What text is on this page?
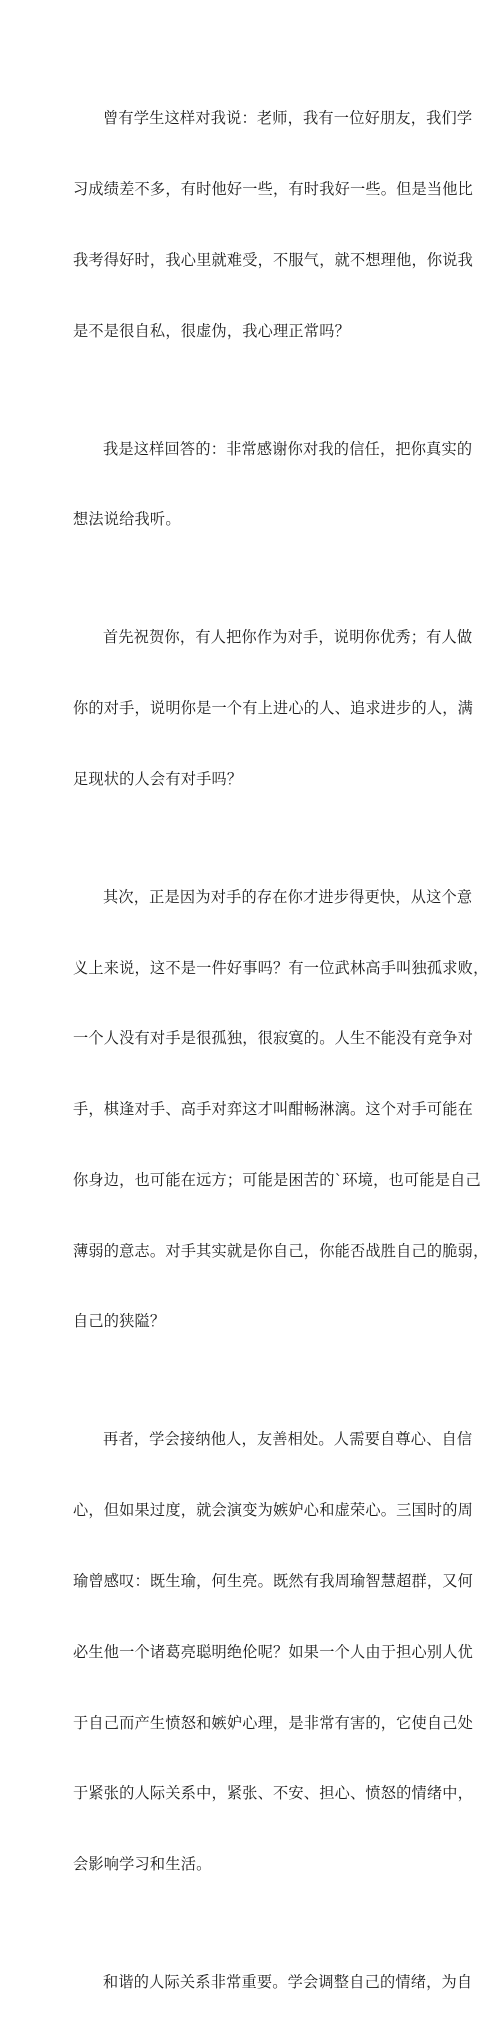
曾有学生这样对我说：老师，我有一位好朋友，我们学

习成绩差不多，有时他好一些，有时我好一些。但是当他比

我考得好时，我心里就难受，不服气，就不想理他，你说我

是不是很自私，很虚伪，我心理正常吗？

我是这样回答的：非常感谢你对我的信任，把你真实的

想法说给我听。

首先祝贺你，有人把你作为对手，说明你优秀；有人做

你的对手，说明你是一个有上进心的人、追求进步的人，满

足现状的人会有对手吗？

其次，正是因为对手的存在你才进步得更快，从这个意

义上来说，这不是一件好事吗？有一位武林高手叫独孤求败，

一个人没有对手是很孤独，很寂寞的。人生不能没有竞争对

手，棋逢对手、高手对弈这才叫酣畅淋漓。这个对手可能在

你身边，也可能在远方；可能是困苦的`环境，也可能是自己

薄弱的意志。对手其实就是你自己，你能否战胜自己的脆弱，

自己的狭隘？

再者，学会接纳他人，友善相处。人需要自尊心、自信

心，但如果过度，就会演变为嫉妒心和虚荣心。三国时的周

瑜曾感叹：既生瑜，何生亮。既然有我周瑜智慧超群，又何

必生他一个诸葛亮聪明绝伦呢？如果一个人由于担心别人优

于自己而产生愤怒和嫉妒心理，是非常有害的，它使自己处

于紧张的人际关系中，紧张、不安、担心、愤怒的情绪中，

会影响学习和生活。

和谐的人际关系非常重要。学会调整自己的情绪，为自
